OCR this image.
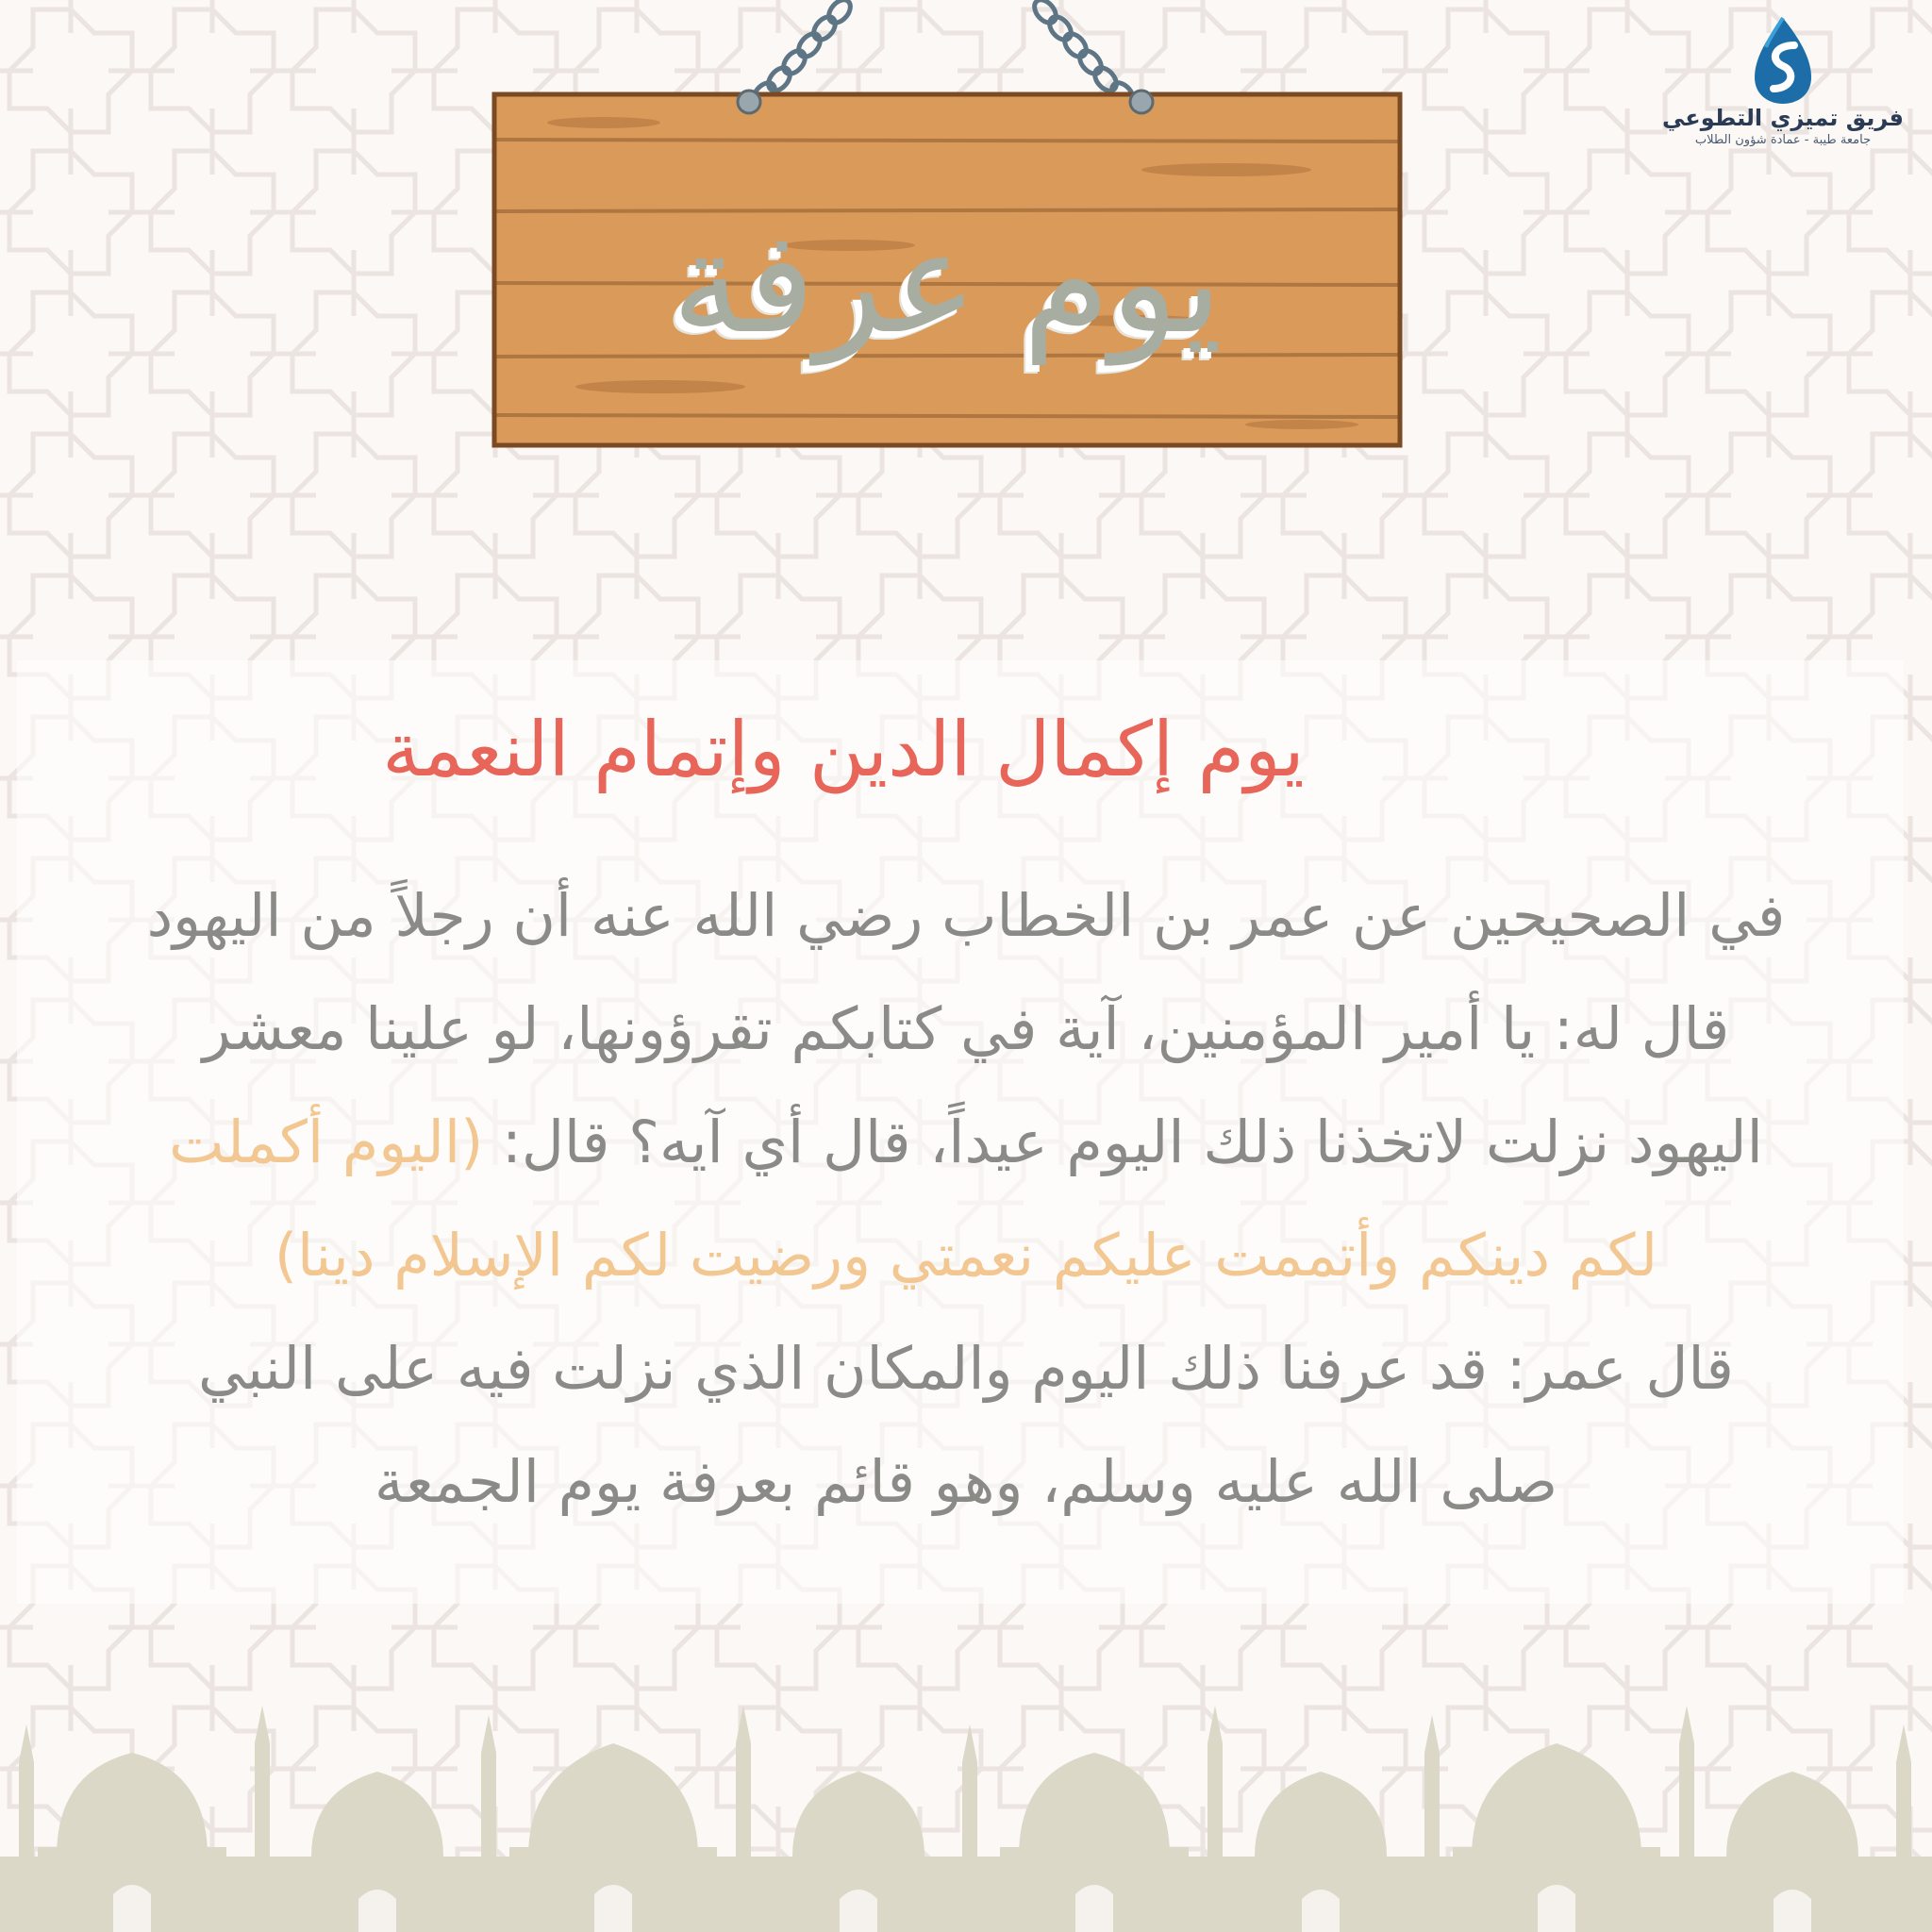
يوم عرفة
فريق تميزي التطوعي
جامعة طيبة - عمادة شؤون الطلاب
يوم إكمال الدين وإتمام النعمة
في الصحيحين عن عمر بن الخطاب رضي الله عنه أن رجلاً من اليهود
قال له: يا أمير المؤمنين، آية في كتابكم تقرؤونها، لو علينا معشر
اليهود نزلت لاتخذنا ذلك اليوم عيداً، قال أي آيه؟ قال: (اليوم أكملت
لكم دينكم وأتممت عليكم نعمتي ورضيت لكم الإسلام دينا)
قال عمر: قد عرفنا ذلك اليوم والمكان الذي نزلت فيه على النبي
صلى الله عليه وسلم، وهو قائم بعرفة يوم الجمعة
